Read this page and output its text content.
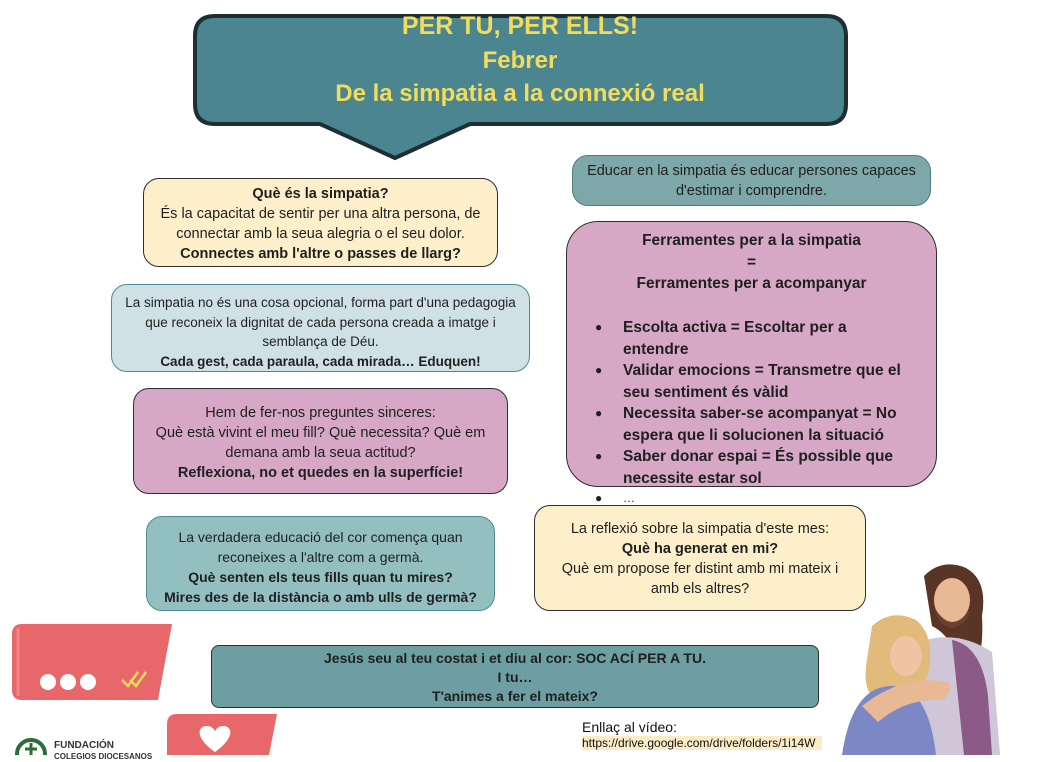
PER TU, PER ELLS!
Febrer
De la simpatia a la connexió real
Què és la simpatia?
És la capacitat de sentir per una altra persona, de
connectar amb la seua alegria o el seu dolor.
Connectes amb l'altre o passes de llarg?
La simpatia no és una cosa opcional, forma part d'una pedagogia
que reconeix la dignitat de cada persona creada a imatge i
semblança de Déu.
Cada gest, cada paraula, cada mirada… Eduquen!
Hem de fer-nos preguntes sinceres:
Què està vivint el meu fill? Què necessita? Què em
demana amb la seua actitud?
Reflexiona, no et quedes en la superfície!
La verdadera educació del cor comença quan
reconeixes a l'altre com a germà.
Què senten els teus fills quan tu mires?
Mires des de la distància o amb ulls de germà?
Educar en la simpatia és educar persones capaces
d'estimar i comprendre.
Ferramentes per a la simpatia
=
Ferramentes per a acompanyar
● Escolta activa = Escoltar per a entendre
● Validar emocions = Transmetre que el seu sentiment és vàlid
● Necessita saber-se acompanyat = No espera que li solucionen la situació
● Saber donar espai = És possible que necessite estar sol
● …
La reflexió sobre la simpatia d'este mes:
Què ha generat en mi?
Què em propose fer distint amb mi mateix i
amb els altres?
Jesús seu al teu costat i et diu al cor: SOC ACÍ PER A TU.
I tu…
T'animes a fer el mateix?
Enllaç al vídeo:
https://drive.google.com/drive/folders/1i14W
FUNDACIÓN
COLEGIOS DIOCESANOS
